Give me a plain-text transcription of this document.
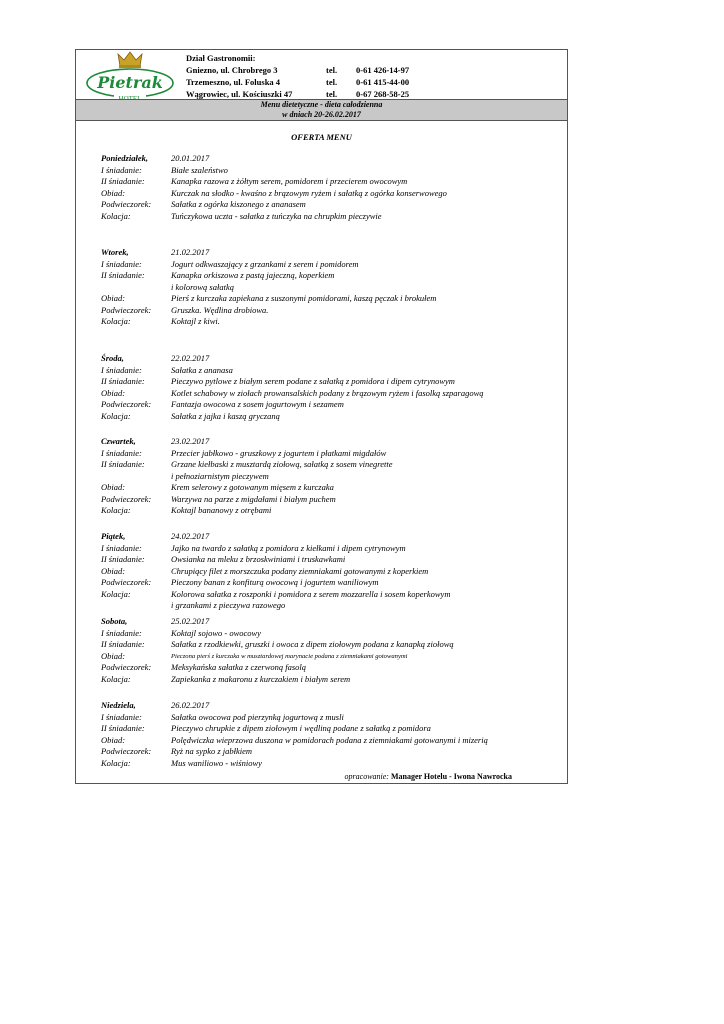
Pietrak
Dział Gastronomii:
Gniezno, ul. Chrobrego 3	tel.	0-61 426-14-97
Trzemeszno, ul. Foluska 4	tel.	0-61 415-44-00
Wągrowiec, ul. Kościuszki 47	tel.	0-67 268-58-25
Menu dietetyczne - dieta całodzienna
w dniach 20-26.02.2017
OFERTA MENU
Poniedziałek,	20.01.2017
I śniadanie:	Białe szaleństwo
II śniadanie:	Kanapka razowa z żółtym serem, pomidorem i przecierem owocowym
Obiad:	Kurczak na słodko - kwaśno z brązowym ryżem i sałatką z ogórka konserwowego
Podwieczorek:	Sałatka z ogórka kiszonego z ananasem
Kolacja:	Tuńczykowa uczta - sałatka z tuńczyka na chrupkim pieczywie
Wtorek,	21.02.2017
I śniadanie:	Jogurt odkwaszający z grzankami z serem i pomidorem
II śniadanie:	Kanapka orkiszowa z pastą jajeczną, koperkiem
i kolorową sałatką
Obiad:	Pierś z kurczaka zapiekana z suszonymi pomidorami, kaszą pęczak i brokułem
Podwieczorek:	Gruszka. Wędlina drobiowa.
Kolacja:	Koktajl z kiwi.
Środa,	22.02.2017
I śniadanie:	Sałatka z ananasa
II śniadanie:	Pieczywo pytlowe z białym serem podane z sałatką z pomidora i dipem cytrynowym
Obiad:	Kotlet schabowy w ziołach prowansalskich podany z brązowym ryżem i fasolką szparagową
Podwieczorek:	Fantazja owocowa z sosem jogurtowym i sezamem
Kolacja:	Sałatka z jajka i kaszą gryczaną
Czwartek,	23.02.2017
I śniadanie:	Przecier jabłkowo - gruszkowy z jogurtem i płatkami migdałów
II śniadanie:	Grzane kiełbaski z musztardą ziołową, sałatką z sosem vinegrette
i pełnoziarnistym pieczywem
Obiad:	Krem selerowy z gotowanym mięsem z kurczaka
Podwieczorek:	Warzywa na parze z migdałami i białym puchem
Kolacja:	Koktajl bananowy z otrębami
Piątek,	24.02.2017
I śniadanie:	Jajko na twardo z sałatką z pomidora z kiełkami i dipem cytrynowym
II śniadanie:	Owsianka na mleku z brzoskwiniami i truskawkami
Obiad:	Chrupiący filet z morszczuka podany ziemniakami gotowanymi z koperkiem
Podwieczorek:	Pieczony banan z konfiturą owocową i jogurtem waniliowym
Kolacja:	Kolorowa sałatka z roszponki i pomidora z serem mozzarella i sosem koperkowym
i grzankami z pieczywa razowego
Sobota,	25.02.2017
I śniadanie:	Koktajl sojowo - owocowy
II śniadanie:	Sałatka z rzodkiewki, gruszki i owoca z dipem ziołowym podana z kanapką ziołową
Obiad:	Pieczona pierś z kurczaka w musztardowej marynacie podana z ziemniakami gotowanymi
Podwieczorek:	Meksykańska sałatka z czerwoną fasolą
Kolacja:	Zapiekanka z makaronu z kurczakiem i białym serem
Niedziela,	26.02.2017
I śniadanie:	Sałatka owocowa pod pierzynką jogurtową z musli
II śniadanie:	Pieczywo chrupkie z dipem ziołowym i wędliną podane z sałatką z pomidora
Obiad:	Polędwiczka wieprzowa duszona w pomidorach podana z ziemniakami gotowanymi i mizerią
Podwieczorek:	Ryż na sypko z jabłkiem
Kolacja:	Mus waniliowo - wiśniowy
opracowanie: Manager Hotelu - Iwona Nawrocka
